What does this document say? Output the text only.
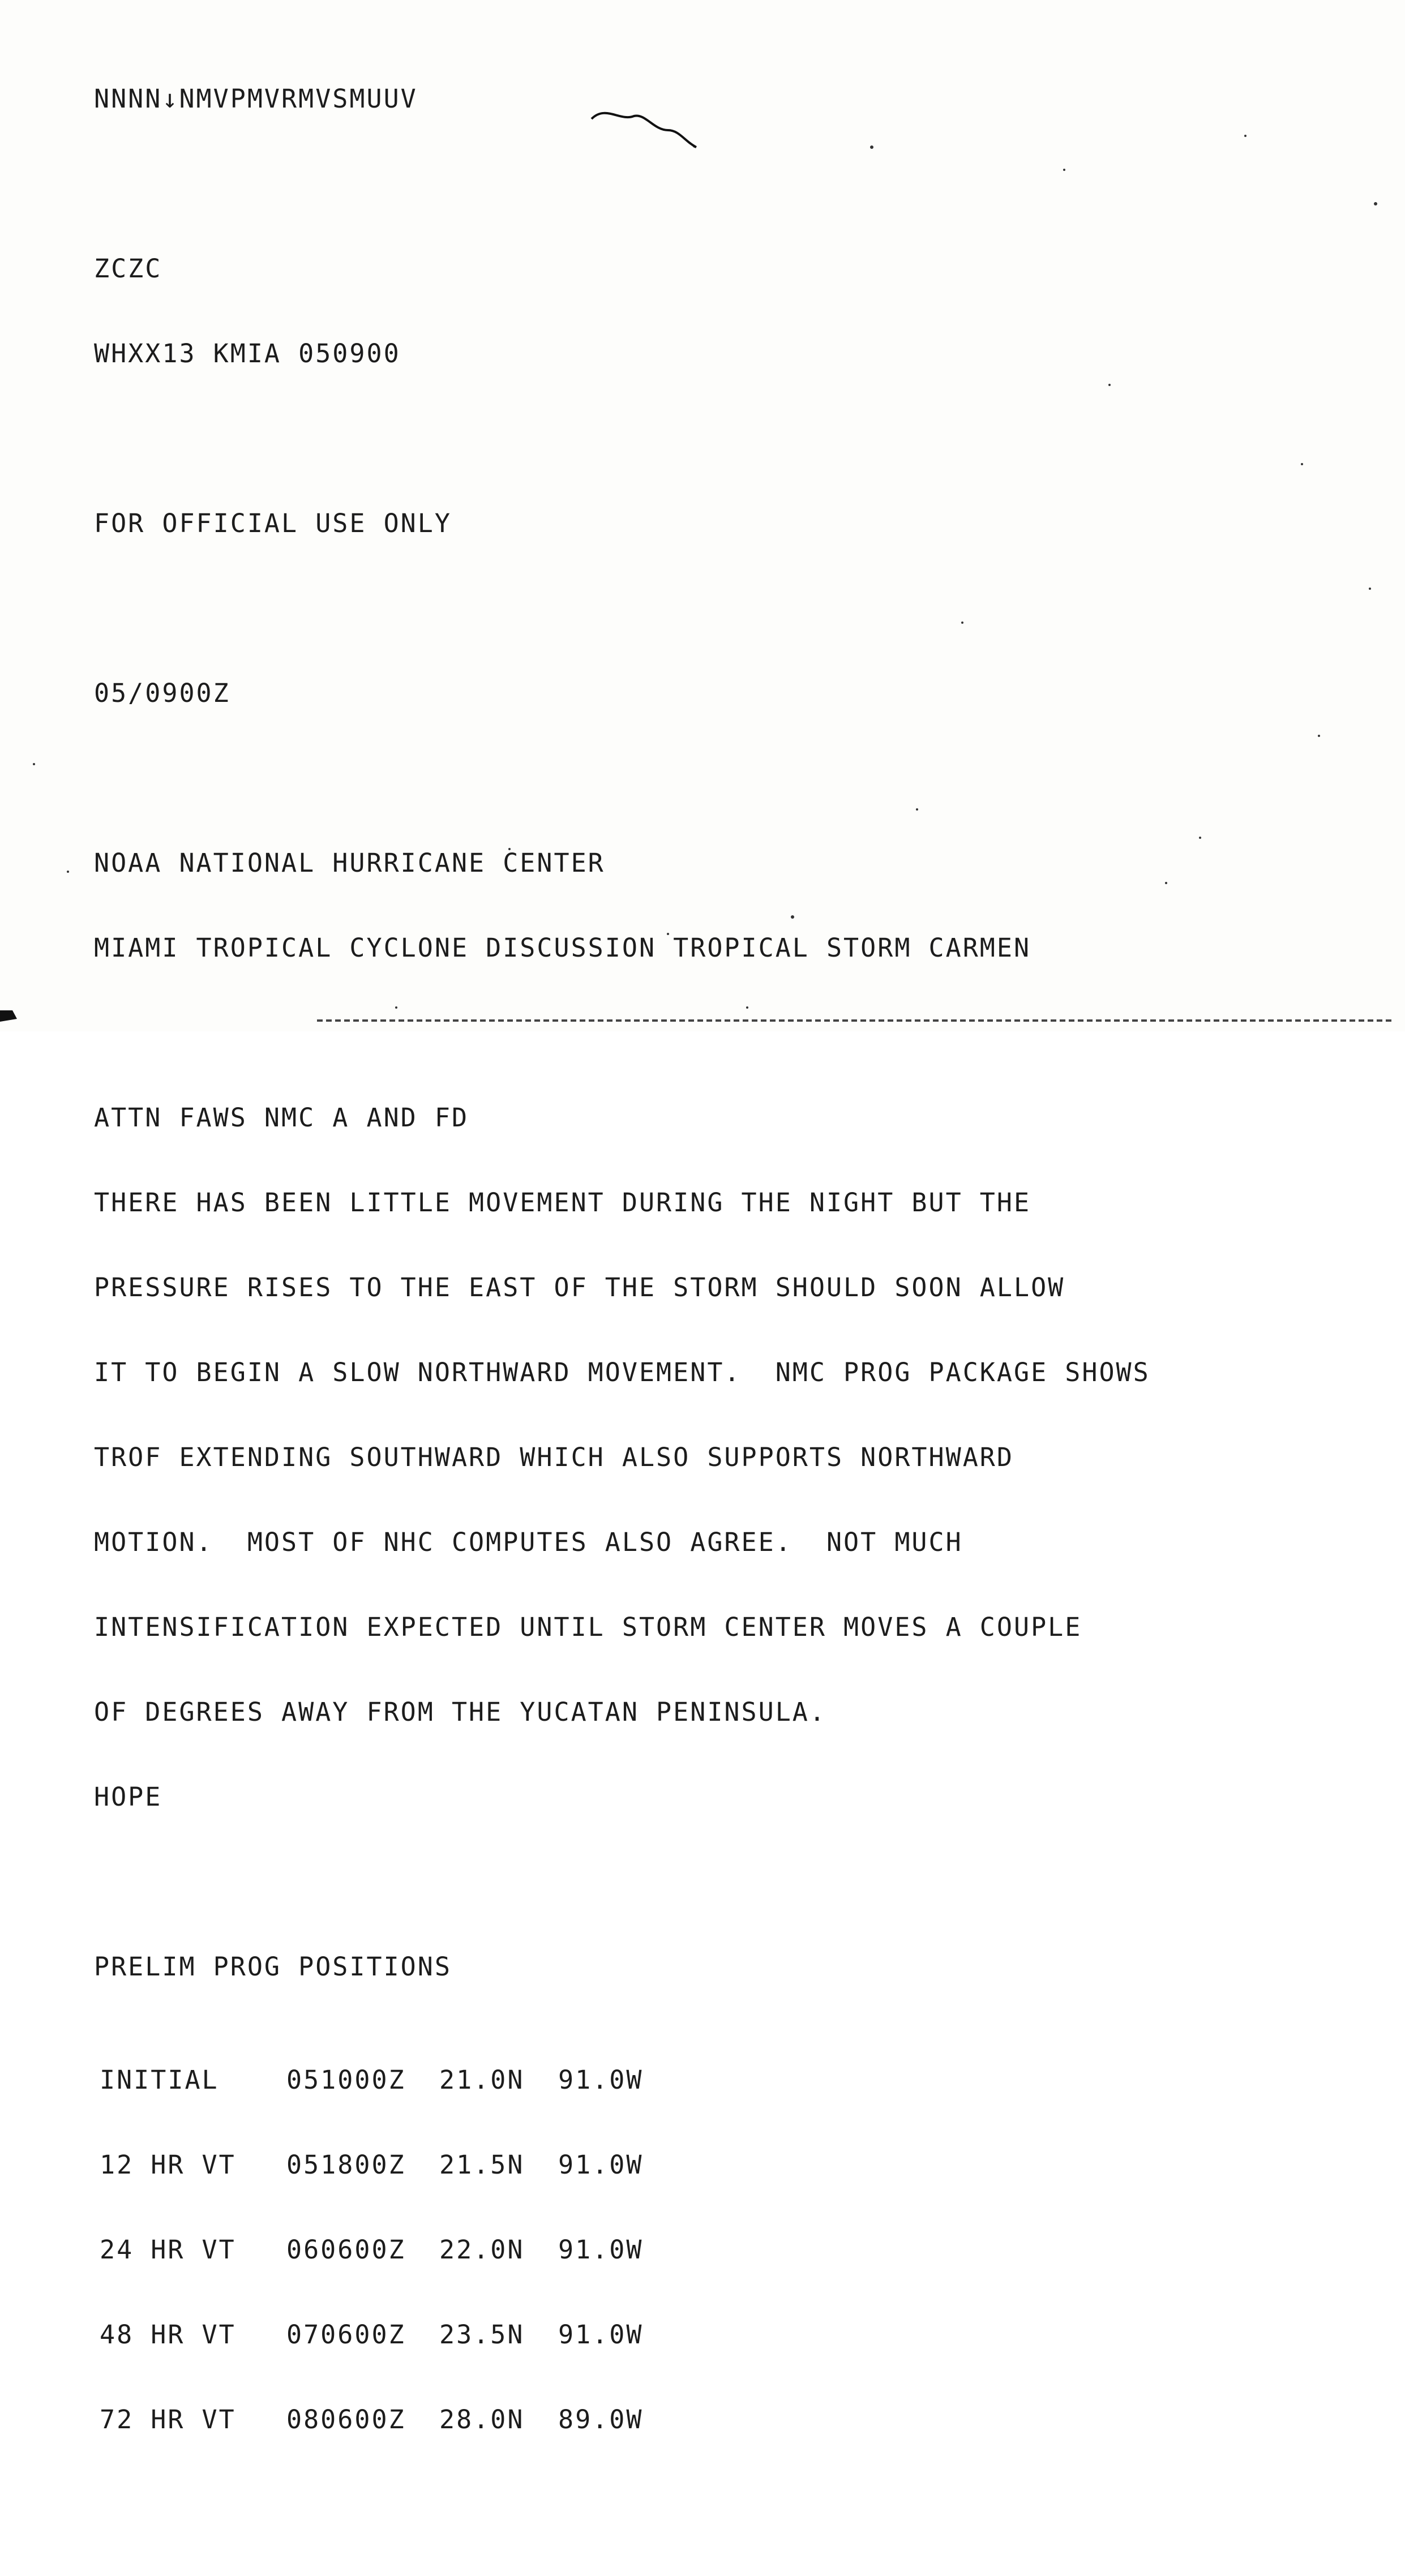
NNNN↓NMVPMVRMVSMUUV

ZCZC

WHXX13 KMIA 050900

FOR OFFICIAL USE ONLY

05/0900Z

NOAA NATIONAL HURRICANE CENTER

MIAMI TROPICAL CYCLONE DISCUSSION TROPICAL STORM CARMEN

ATTN FAWS NMC A AND FD

THERE HAS BEEN LITTLE MOVEMENT DURING THE NIGHT BUT THE

PRESSURE RISES TO THE EAST OF THE STORM SHOULD SOON ALLOW

IT TO BEGIN A SLOW NORTHWARD MOVEMENT.  NMC PROG PACKAGE SHOWS

TROF EXTENDING SOUTHWARD WHICH ALSO SUPPORTS NORTHWARD

MOTION.  MOST OF NHC COMPUTES ALSO AGREE.  NOT MUCH

INTENSIFICATION EXPECTED UNTIL STORM CENTER MOVES A COUPLE

OF DEGREES AWAY FROM THE YUCATAN PENINSULA.

HOPE

PRELIM PROG POSITIONS

INITIAL

	051000Z

21.0N

91.0W

12 HR VT

051800Z

21.5N

91.0W

24 HR VT

060600Z

22.0N

91.0W

48 HR VT

070600Z

23.5N

91.0W

72 HR VT

080600Z

28.0N

89.0W
